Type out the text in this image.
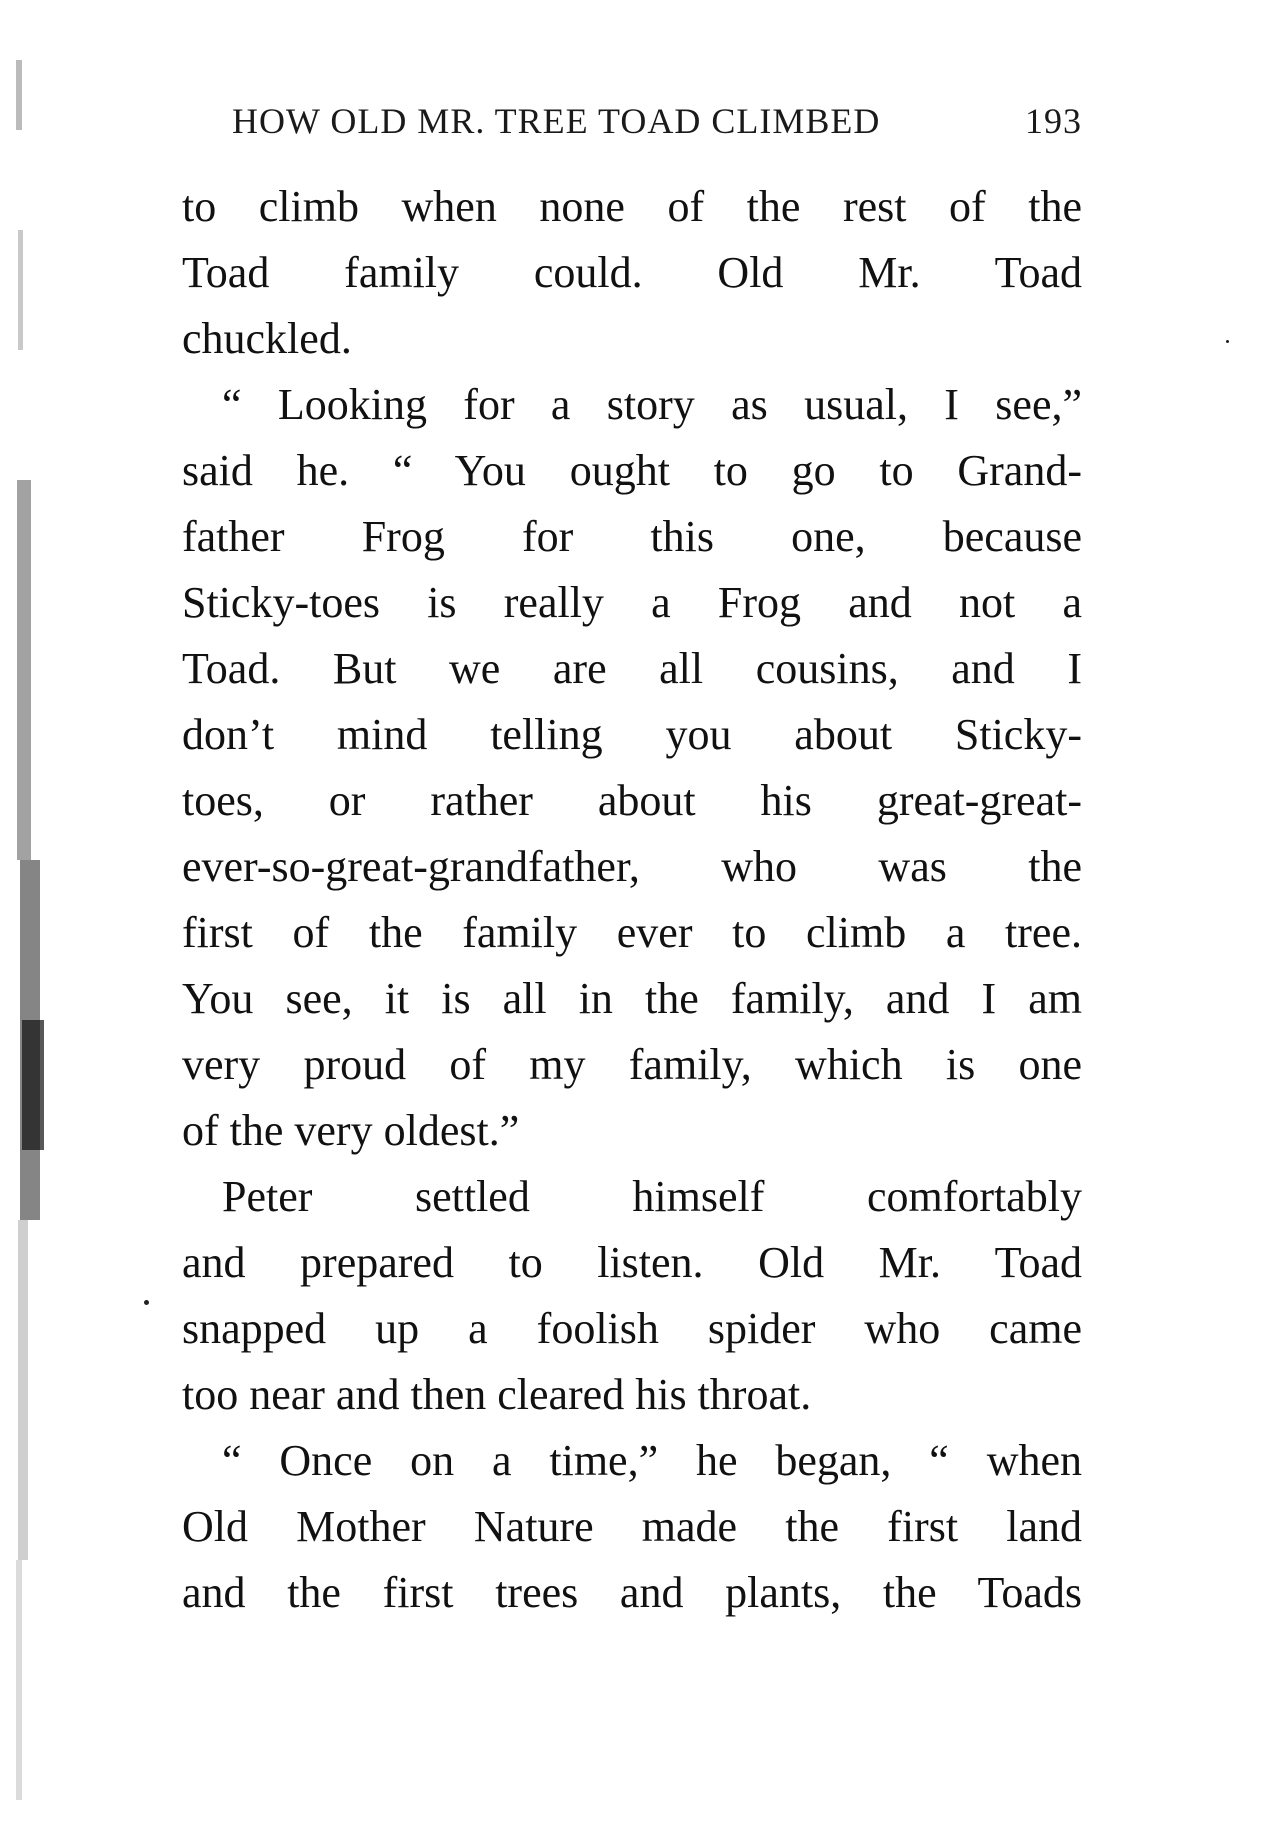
HOW OLD MR. TREE TOAD CLIMBED	193
to climb when none of the rest of the
Toad family could. Old Mr. Toad
chuckled.
“ Looking for a story as usual, I see,”
said he. “ You ought to go to Grand-
father Frog for this one, because
Sticky-toes is really a Frog and not a
Toad. But we are all cousins, and I
don’t mind telling you about Sticky-
toes, or rather about his great-great-
ever-so-great-grandfather, who was the
first of the family ever to climb a tree.
You see, it is all in the family, and I am
very proud of my family, which is one
of the very oldest.”
Peter settled himself comfortably
and prepared to listen. Old Mr. Toad
snapped up a foolish spider who came
too near and then cleared his throat.
“ Once on a time,” he began, “ when
Old Mother Nature made the first land
and the first trees and plants, the Toads
